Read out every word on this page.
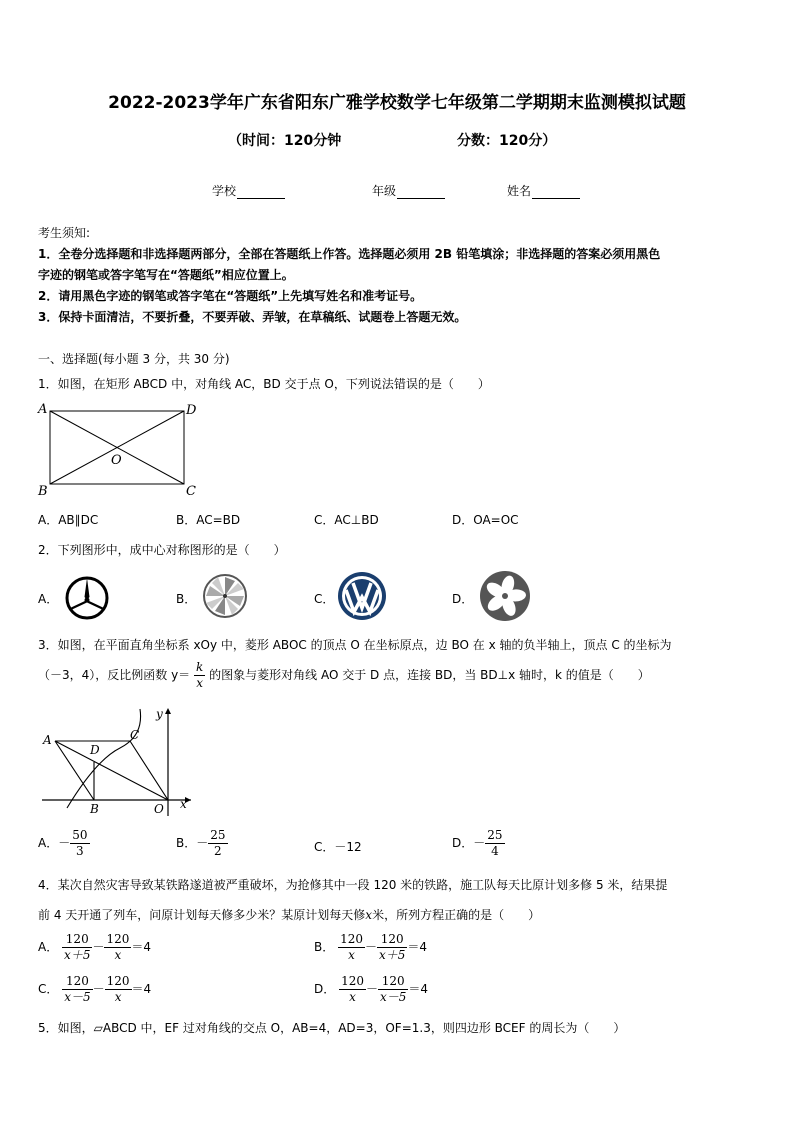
2022-2023学年广东省阳东广雅学校数学七年级第二学期期末监测模拟试题
（时间：120分钟	分数：120分）
学校	年级	姓名
考生须知:
1．全卷分选择题和非选择题两部分，全部在答题纸上作答。选择题必须用 2B 铅笔填涂；非选择题的答案必须用黑色
字迹的钢笔或答字笔写在“答题纸”相应位置上。
2．请用黑色字迹的钢笔或答字笔在“答题纸”上先填写姓名和准考证号。
3．保持卡面清洁，不要折叠，不要弄破、弄皱，在草稿纸、试题卷上答题无效。
一、选择题(每小题 3 分，共 30 分)
1．如图，在矩形 ABCD 中，对角线 AC，BD 交于点 O，下列说法错误的是（　　）
A	D
B	C
O
A．AB∥DC	B．AC=BD	C．AC⊥BD	D．OA=OC
2．下列图形中，成中心对称图形的是（　　）
A．	B．	C．	D．
3．如图，在平面直角坐标系 xOy 中，菱形 ABOC 的顶点 O 在坐标原点，边 BO 在 x 轴的负半轴上，顶点 C 的坐标为
（－3，4），反比例函数 $y= \frac{k}{x}$ 的图象与菱形对角线 AO 交于 D 点，连接 BD，当 BD⊥x 轴时，k 的值是（　　）
A
D
C
B	O x
y
A．－ $\frac{50}{3}$	B．－ $\frac{25}{2}$	C．－12	D．－ $\frac{25}{4}$
4．某次自然灾害导致某铁路遂道被严重破坏，为抢修其中一段 120 米的铁路，施工队每天比原计划多修 5 米，结果提
前 4 天开通了列车，问原计划每天修多少米？某原计划每天修x米，所列方程正确的是（　　）
A． $\frac{120}{x+5} - \frac{120}{x} =4$	B． $\frac{120}{x} - \frac{120}{x+5} =4$
C． $\frac{120}{x-5} - \frac{120}{x} =4$	D． $\frac{120}{x} - \frac{120}{x-5} =4$
5．如图，▱ABCD 中，EF 过对角线的交点 O，AB=4，AD=3，OF=1.3，则四边形 BCEF 的周长为（　　）
